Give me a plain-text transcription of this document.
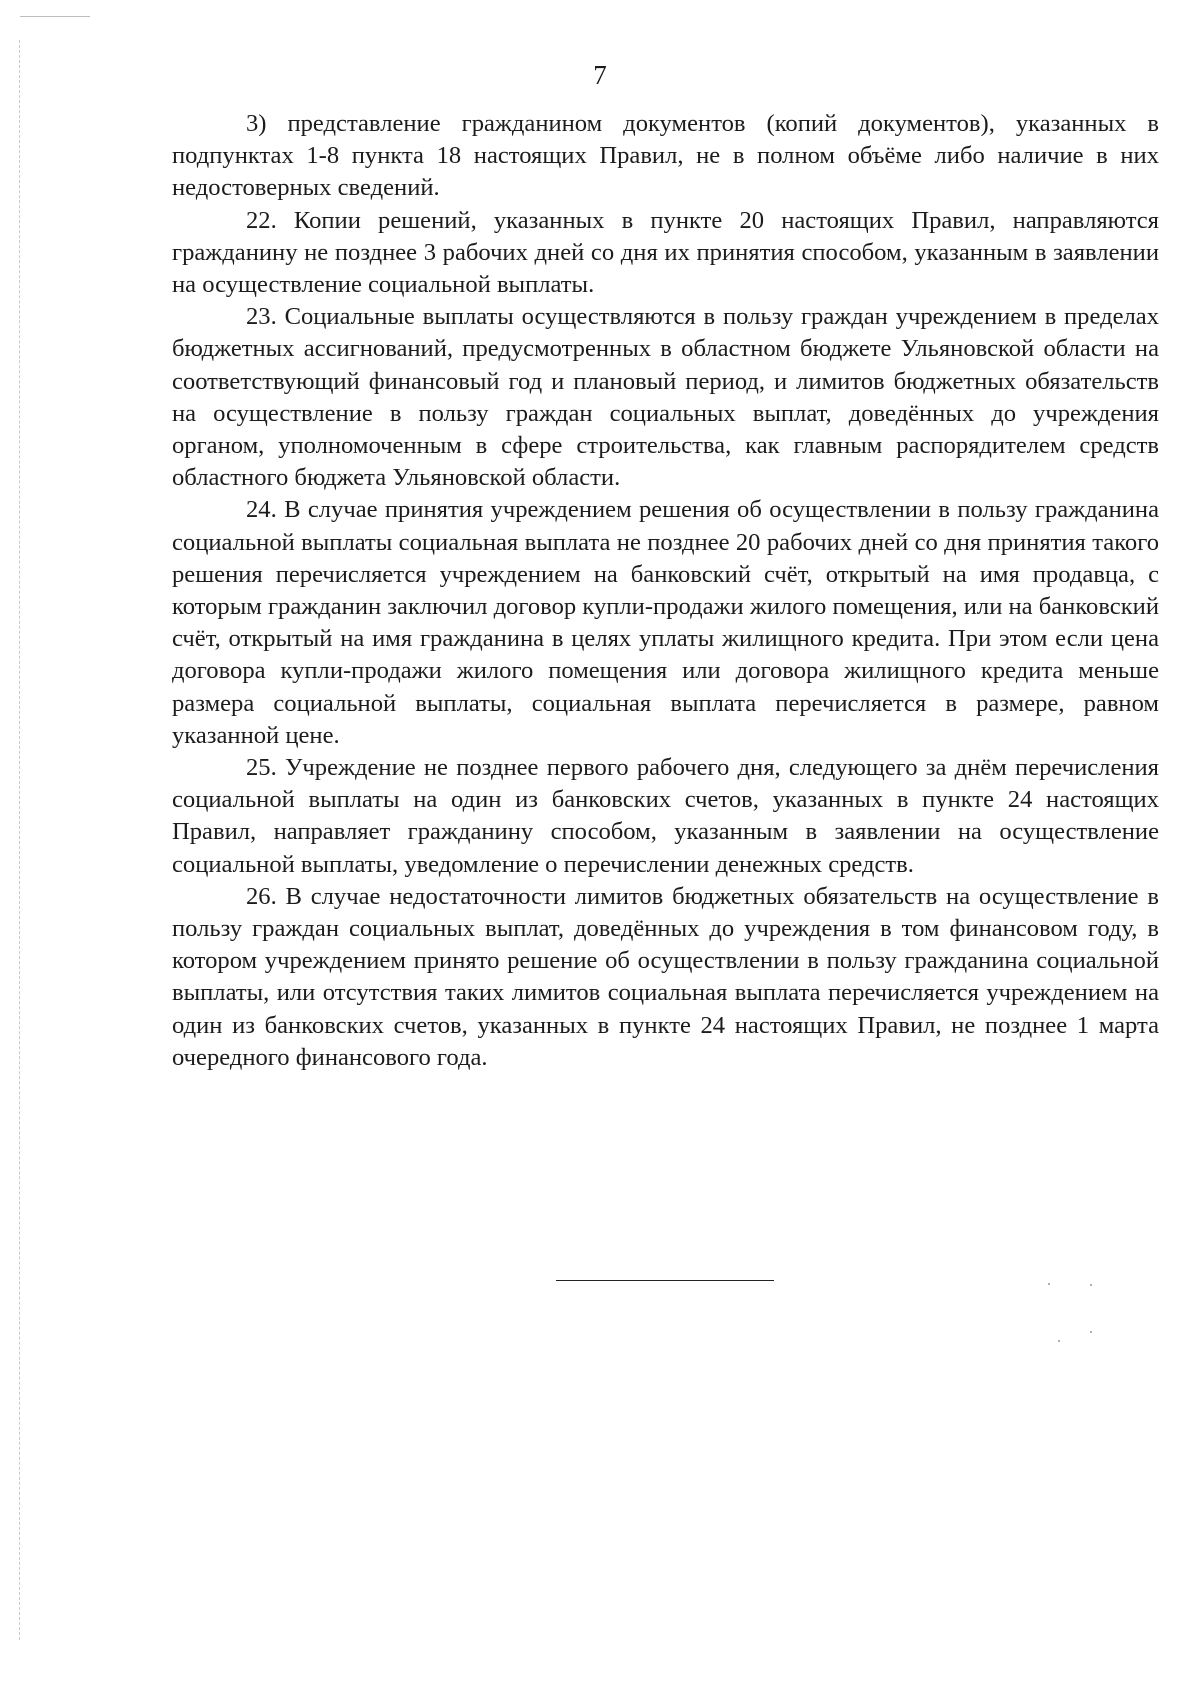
7

3) представление гражданином документов (копий документов), указанных в подпунктах 1-8 пункта 18 настоящих Правил, не в полном объёме либо наличие в них недостоверных сведений.

22. Копии решений, указанных в пункте 20 настоящих Правил, направляются гражданину не позднее 3 рабочих дней со дня их принятия способом, указанным в заявлении на осуществление социальной выплаты.

23. Социальные выплаты осуществляются в пользу граждан учреждением в пределах бюджетных ассигнований, предусмотренных в областном бюджете Ульяновской области на соответствующий финансовый год и плановый период, и лимитов бюджетных обязательств на осуществление в пользу граждан социальных выплат, доведённых до учреждения органом, уполномоченным в сфере строительства, как главным распорядителем средств областного бюджета Ульяновской области.

24. В случае принятия учреждением решения об осуществлении в пользу гражданина социальной выплаты социальная выплата не позднее 20 рабочих дней со дня принятия такого решения перечисляется учреждением на банковский счёт, открытый на имя продавца, с которым гражданин заключил договор купли-продажи жилого помещения, или на банковский счёт, открытый на имя гражданина в целях уплаты жилищного кредита. При этом если цена договора купли-продажи жилого помещения или договора жилищного кредита меньше размера социальной выплаты, социальная выплата перечисляется в размере, равном указанной цене.

25. Учреждение не позднее первого рабочего дня, следующего за днём перечисления социальной выплаты на один из банковских счетов, указанных в пункте 24 настоящих Правил, направляет гражданину способом, указанным в заявлении на осуществление социальной выплаты, уведомление о перечислении денежных средств.

26. В случае недостаточности лимитов бюджетных обязательств на осуществление в пользу граждан социальных выплат, доведённых до учреждения в том финансовом году, в котором учреждением принято решение об осуществлении в пользу гражданина социальной выплаты, или отсутствия таких лимитов социальная выплата перечисляется учреждением на один из банковских счетов, указанных в пункте 24 настоящих Правил, не позднее 1 марта очередного финансового года.
